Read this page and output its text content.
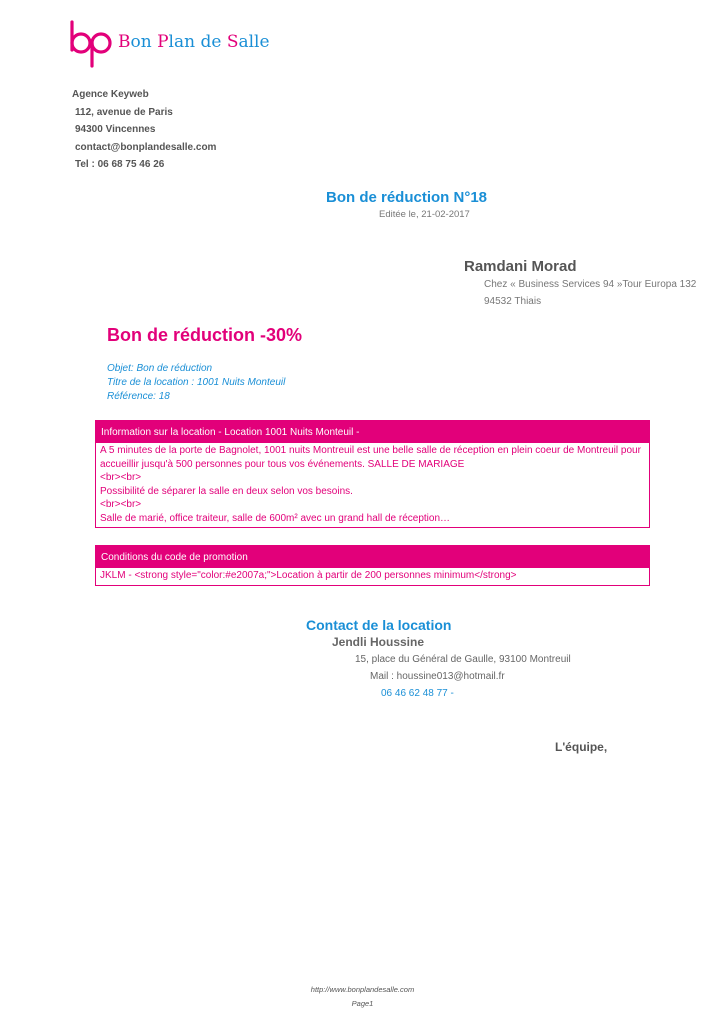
Bon Plan de Salle
Agence Keyweb
112, avenue de Paris
94300 Vincennes
contact@bonplandesalle.com
Tel : 06 68 75 46 26
Bon de réduction N°18
Editée le, 21-02-2017
Ramdani Morad
Chez « Business Services 94 »Tour Europa 132
94532 Thiais
Bon de réduction -30%
Objet: Bon de réduction
Titre de la location : 1001 Nuits Monteuil
Référence: 18
Information sur la location - Location 1001 Nuits Monteuil -
A 5 minutes de la porte de Bagnolet, 1001 nuits Montreuil est une belle salle de réception en plein coeur de Montreuil pour accueillir jusqu'à 500 personnes pour tous vos événements. SALLE DE MARIAGE
<br><br>
Possibilité de séparer la salle en deux selon vos besoins.
<br><br>
Salle de marié, office traiteur, salle de 600m² avec un grand hall de réception…
Conditions du code de promotion
JKLM - <strong style="color:#e2007a;">Location à partir de 200 personnes minimum</strong>
Contact de la location
Jendli Houssine
15, place du Général de Gaulle, 93100 Montreuil
Mail : houssine013@hotmail.fr
06 46 62 48 77 -
L'équipe,
http://www.bonplandesalle.com
Page1
